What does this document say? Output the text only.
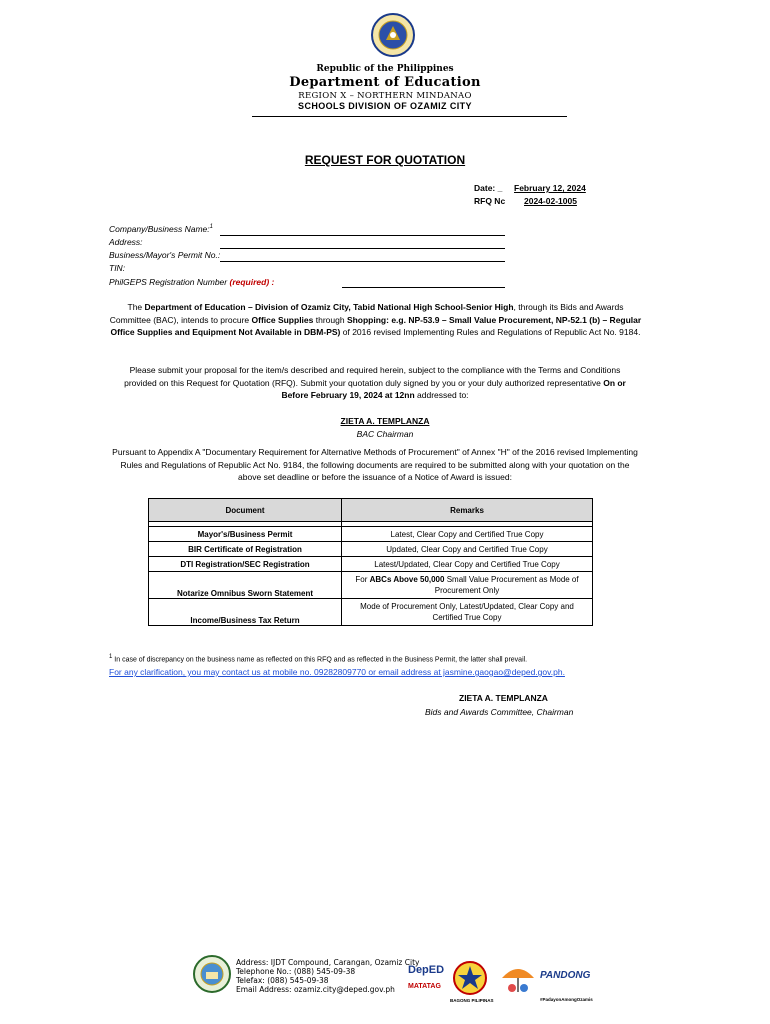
Republic of the Philippines
Department of Education
REGION X – NORTHERN MINDANAO
SCHOOLS DIVISION OF OZAMIZ CITY
REQUEST FOR QUOTATION
Date: _ February 12, 2024
RFQ Nc 2024-02-1005
Company/Business Name:$^1$
Address:
Business/Mayor's Permit No.:
TIN:
PhilGEPS Registration Number (required) :
The Department of Education – Division of Ozamiz City, Tabid National High School-Senior High, through its Bids and Awards Committee (BAC), intends to procure Office Supplies through Shopping: e.g. NP-53.9 – Small Value Procurement, NP-52.1 (b) – Regular Office Supplies and Equipment Not Available in DBM-PS) of 2016 revised Implementing Rules and Regulations of Republic Act No. 9184.
Please submit your proposal for the item/s described and required herein, subject to the compliance with the Terms and Conditions provided on this Request for Quotation (RFQ). Submit your quotation duly signed by you or your duly authorized representative On or Before February 19, 2024 at 12nn addressed to:
ZIETA A. TEMPLANZA
BAC Chairman
Pursuant to Appendix A "Documentary Requirement for Alternative Methods of Procurement" of Annex "H" of the 2016 revised Implementing Rules and Regulations of Republic Act No. 9184, the following documents are required to be submitted along with your quotation on the above set deadline or before the issuance of a Notice of Award is issued:
Document	Remarks

Mayor's/Business Permit	Latest, Clear Copy and Certified True Copy
BIR Certificate of Registration	Updated, Clear Copy and Certified True Copy
DTI Registration/SEC Registration	Latest/Updated, Clear Copy and Certified True Copy
Notarize Omnibus Sworn Statement	For ABCs Above 50,000 Small Value Procurement as Mode of Procurement Only
Income/Business Tax Return	Mode of Procurement Only, Latest/Updated, Clear Copy and Certified True Copy
$^1$ In case of discrepancy on the business name as reflected on this RFQ and as reflected in the Business Permit, the latter shall prevail.
For any clarification, you may contact us at mobile no. 09282809770 or email address at jasmine.gaogao@deped.gov.ph.
ZIETA A. TEMPLANZA
Bids and Awards Committee, Chairman
Address: IJDT Compound, Carangan, Ozamiz City
Telephone No.: (088) 545-09-38
Telefax: (088) 545-09-38
Email Address: ozamiz.city@deped.gov.ph
DepED
MATATAG
BAGONG PILIPINAS
PANDONG
#PadayonAmongOzamis
